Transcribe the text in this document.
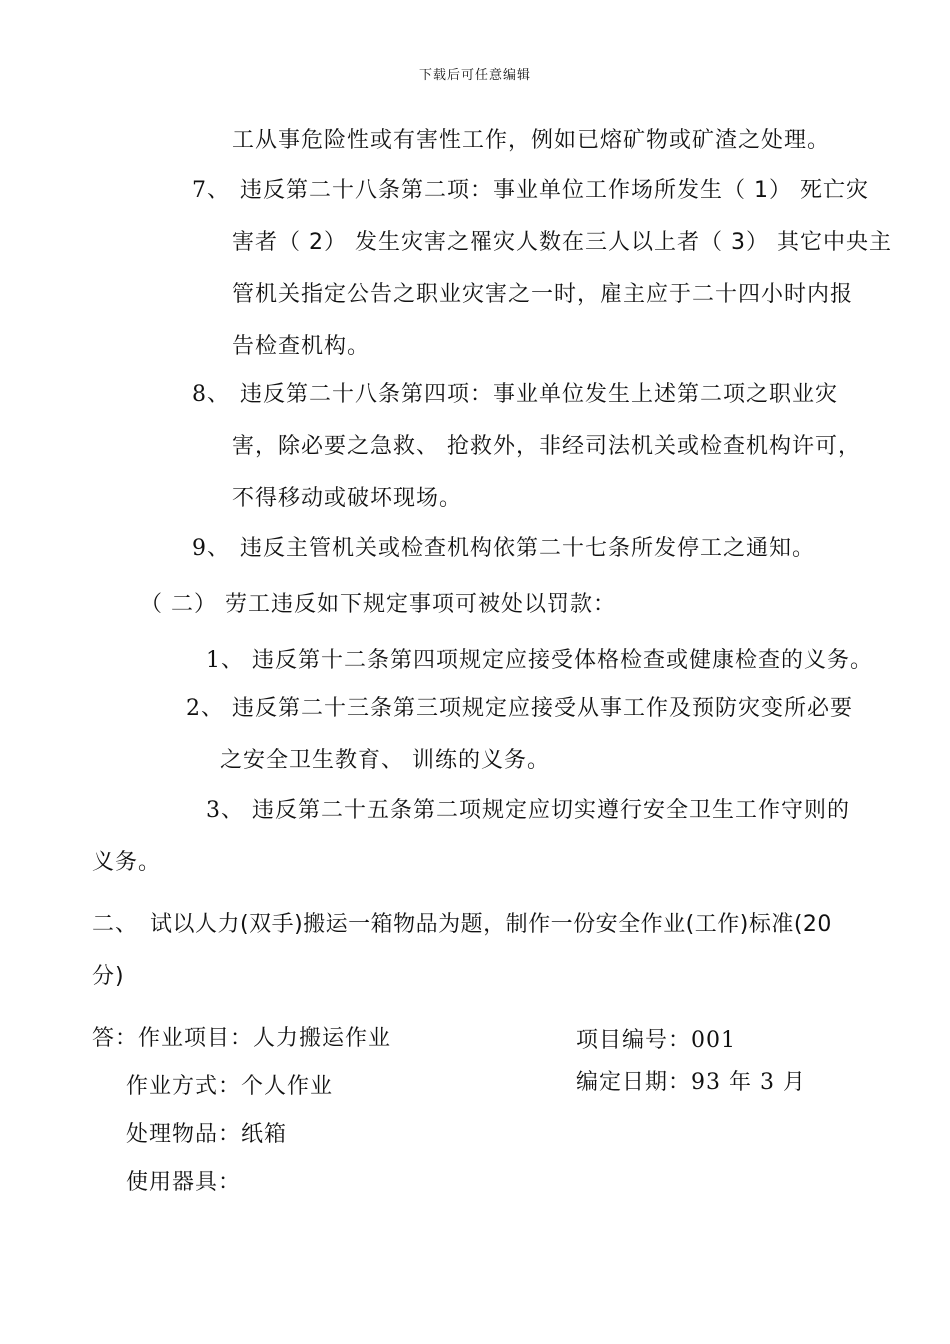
下载后可任意编辑
工从事危险性或有害性工作，例如已熔矿物或矿渣之处理。
7、 违反第二十八条第二项：事业单位工作场所发生（ 1） 死亡灾
害者（ 2） 发生灾害之罹灾人数在三人以上者（ 3） 其它中央主
管机关指定公告之职业灾害之一时，雇主应于二十四小时内报
告检查机构。
8、 违反第二十八条第四项：事业单位发生上述第二项之职业灾
害，除必要之急救、 抢救外，非经司法机关或检查机构许可，
不得移动或破坏现场。
9、 违反主管机关或检查机构依第二十七条所发停工之通知。
（ 二） 劳工违反如下规定事项可被处以罚款：
1、 违反第十二条第四项规定应接受体格检查或健康检查的义务。
2、 违反第二十三条第三项规定应接受从事工作及预防灾变所必要
之安全卫生教育、 训练的义务。
3、 违反第二十五条第二项规定应切实遵行安全卫生工作守则的
义务。
二、 试以人力(双手)搬运一箱物品为题，制作一份安全作业(工作)标准(20
分)
答：作业项目：人力搬运作业	项目编号：001
作业方式：个人作业	编定日期：93 年 3 月
处理物品：纸箱
使用器具：
